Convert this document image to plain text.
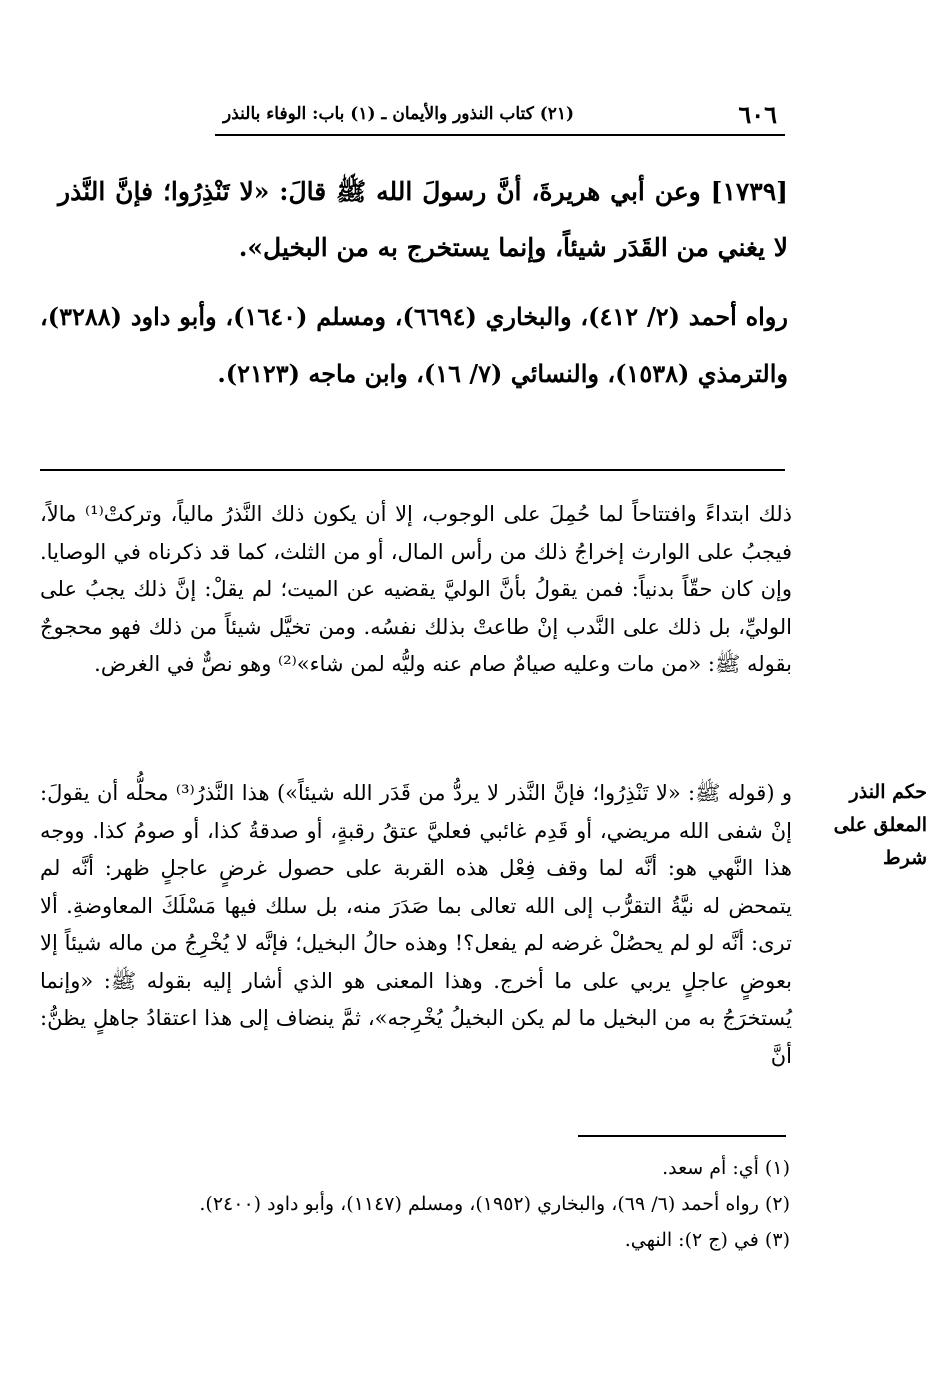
٦٠٦
(٢١) كتاب النذور والأيمان ـ (١) باب: الوفاء بالنذر
[١٧٣٩] وعن أبي هريرةَ، أنَّ رسولَ الله ﷺ قالَ: «لا تَنْذِرُوا؛ فإنَّ النَّذر لا يغني من القَدَر شيئاً، وإنما يستخرج به من البخيل».
رواه أحمد (٢/ ٤١٢)، والبخاري (٦٦٩٤)، ومسلم (١٦٤٠)، وأبو داود (٣٢٨٨)، والترمذي (١٥٣٨)، والنسائي (٧/ ١٦)، وابن ماجه (٢١٢٣).
ذلك ابتداءً وافتتاحاً لما حُمِلَ على الوجوب، إلا أن يكون ذلك النَّذرُ مالياً، وتركتْ⁽¹⁾ مالاً، فيجبُ على الوارث إخراجُ ذلك من رأس المال، أو من الثلث، كما قد ذكرناه في الوصايا. وإن كان حقّاً بدنياً: فمن يقولُ بأنَّ الوليَّ يقضيه عن الميت؛ لم يقلْ: إنَّ ذلك يجبُ على الوليِّ، بل ذلك على النَّدب إنْ طاعتْ بذلك نفسُه. ومن تخيَّل شيئاً من ذلك فهو محجوجٌ بقوله ﷺ: «من مات وعليه صيامٌ صام عنه وليُّه لمن شاء»⁽²⁾ وهو نصٌّ في الغرض.
حكم النذر المعلق على شرط
و (قوله ﷺ: «لا تَنْذِرُوا؛ فإنَّ النَّذر لا يردُّ من قَدَر الله شيئاً») هذا النَّذرُ⁽³⁾ محلُّه أن يقولَ: إنْ شفى الله مريضي، أو قَدِم غائبي فعليَّ عتقُ رقبةٍ، أو صدقةُ كذا، أو صومُ كذا. ووجه هذا النَّهي هو: أنَّه لما وقف فِعْل هذه القربة على حصول غرضٍ عاجلٍ ظهر: أنَّه لم يتمحض له نيَّةُ التقرُّب إلى الله تعالى بما صَدَرَ منه، بل سلك فيها مَسْلَكَ المعاوضةِ. ألا ترى: أنَّه لو لم يحصُلْ غرضه لم يفعل؟! وهذه حالُ البخيل؛ فإنَّه لا يُخْرِجُ من ماله شيئاً إلا بعوضٍ عاجلٍ يربي على ما أخرج. وهذا المعنى هو الذي أشار إليه بقوله ﷺ: «وإنما يُستخرَجُ به من البخيل ما لم يكن البخيلُ يُخْرِجه»، ثمَّ ينضاف إلى هذا اعتقادُ جاهلٍ يظنُّ: أنَّ
(١) أي: أم سعد.
(٢) رواه أحمد (٦/ ٦٩)، والبخاري (١٩٥٢)، ومسلم (١١٤٧)، وأبو داود (٢٤٠٠).
(٣) في (ج ٢): النهي.
